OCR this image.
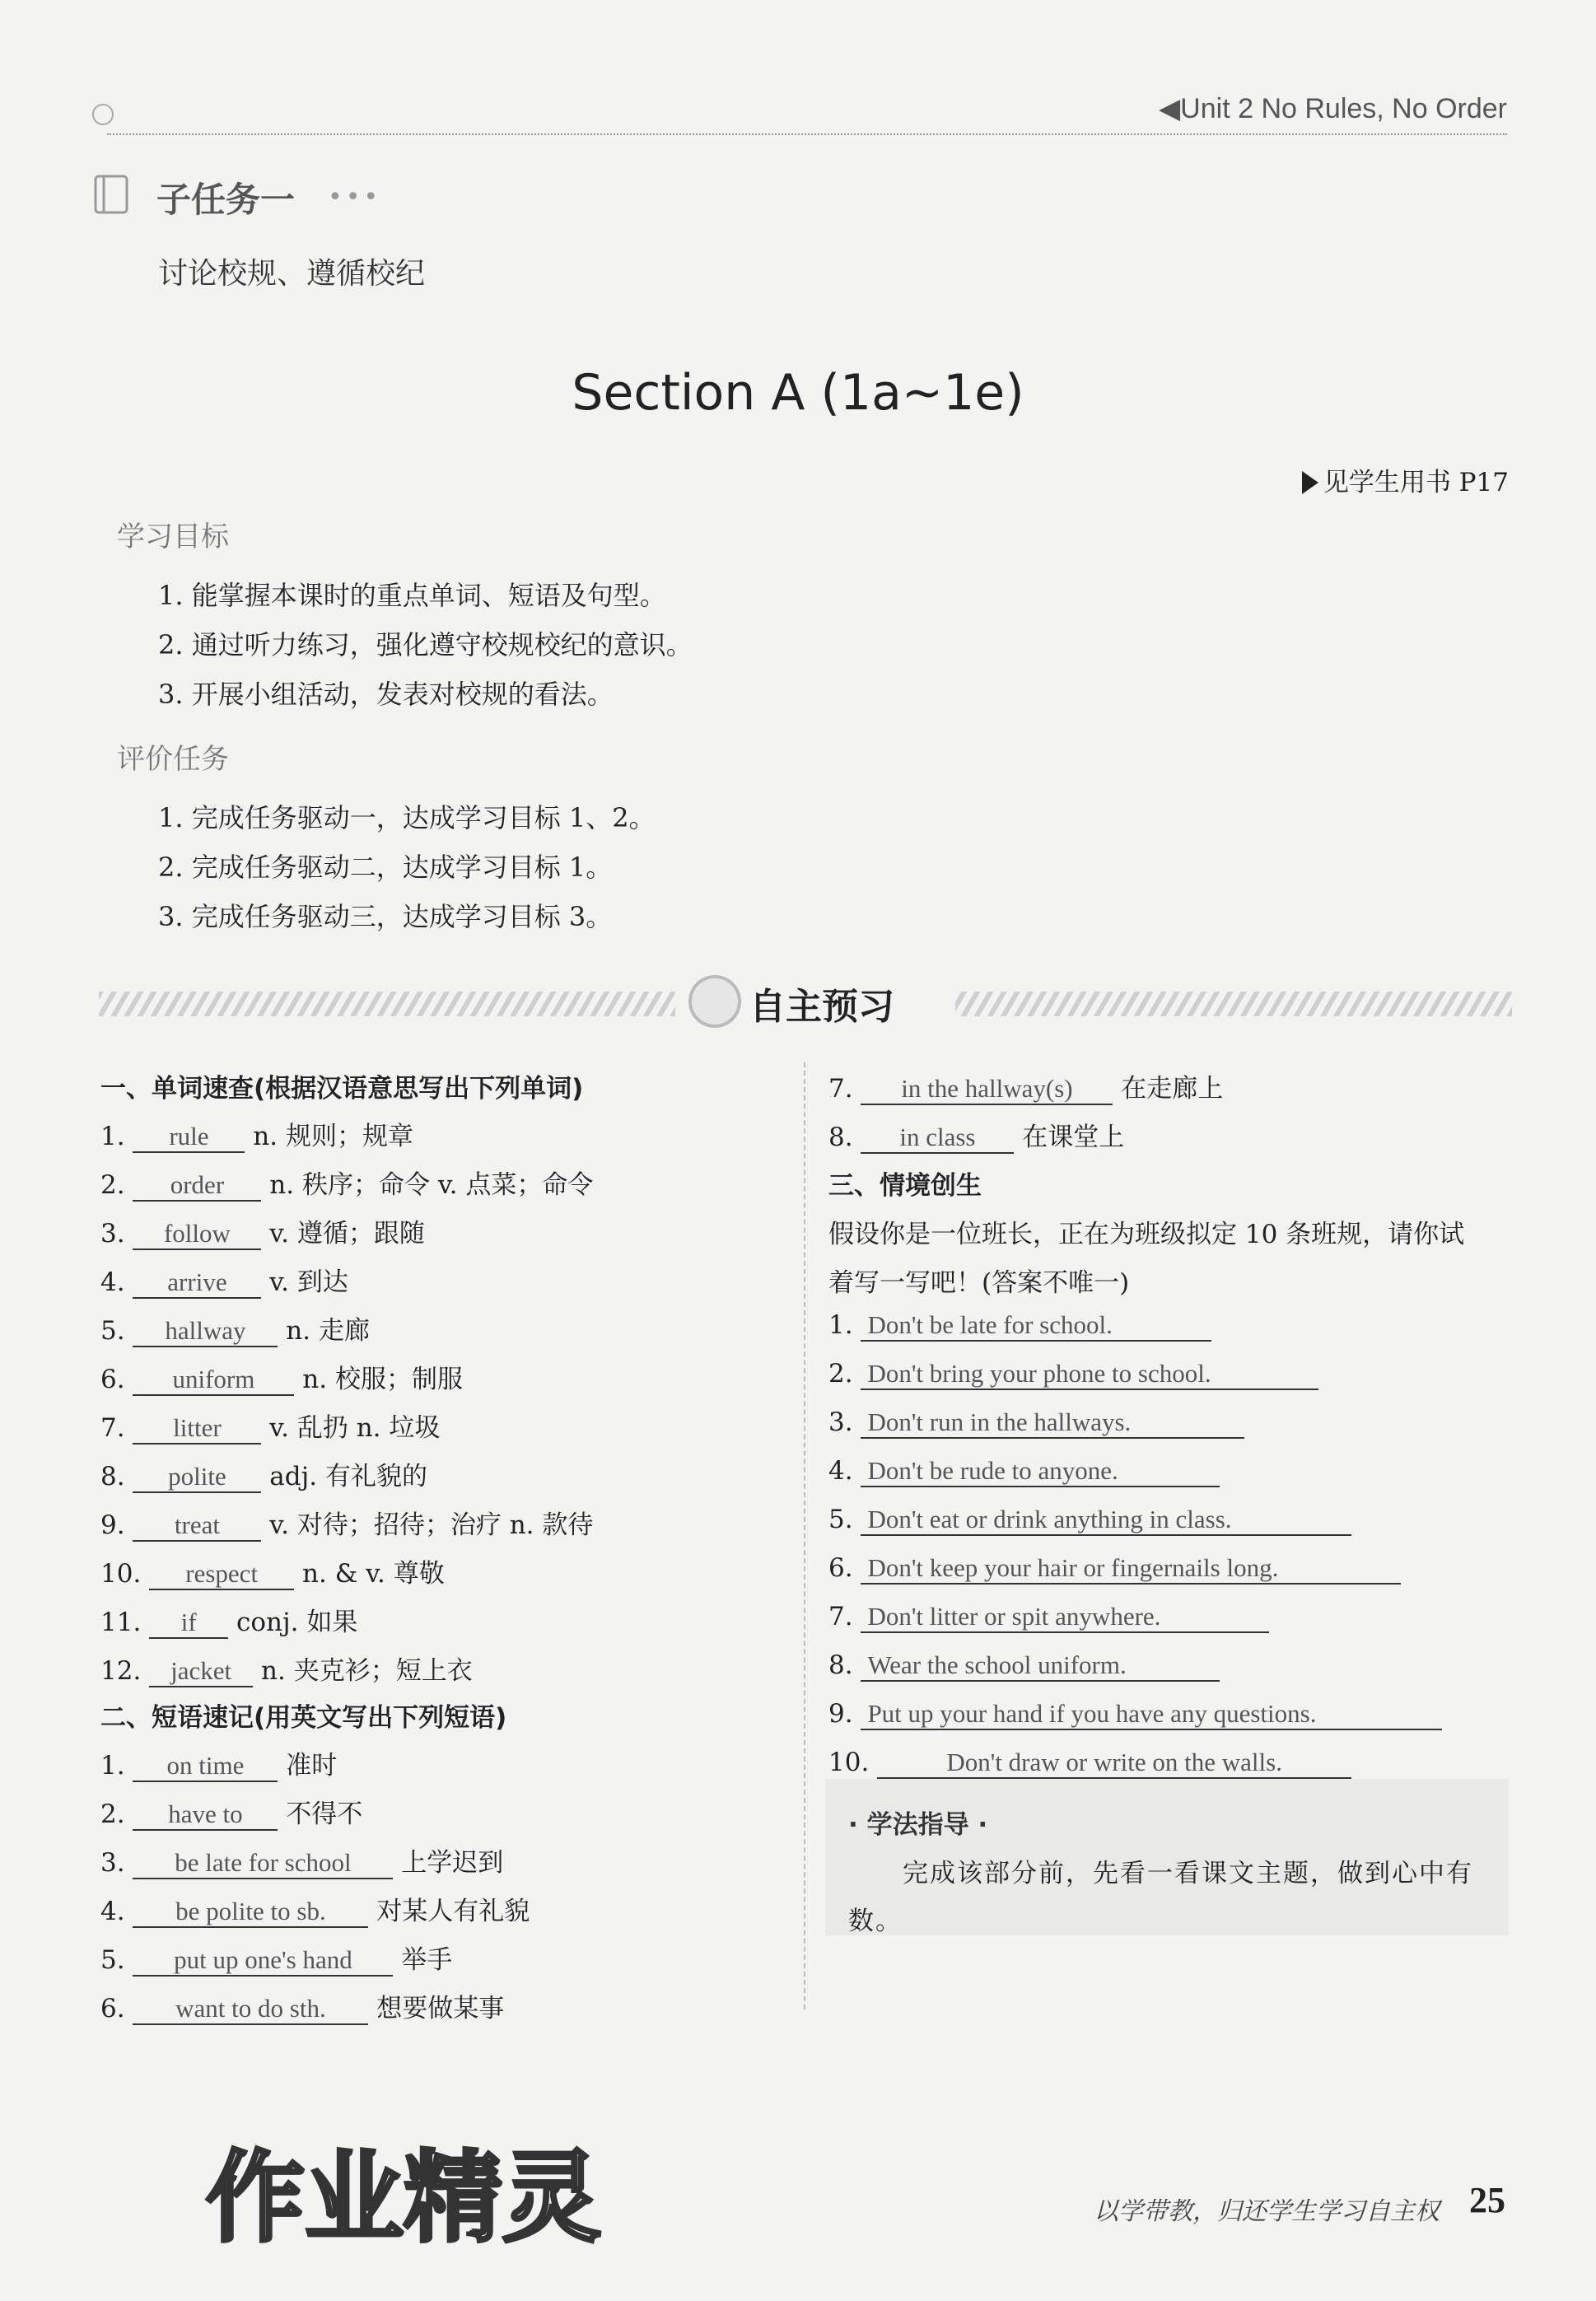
◀Unit 2 No Rules, No Order
子任务一 •••
讨论校规、遵循校纪
Section A (1a~1e)
见学生用书 P17
学习目标
1. 能掌握本课时的重点单词、短语及句型。
2. 通过听力练习，强化遵守校规校纪的意识。
3. 开展小组活动，发表对校规的看法。
评价任务
1. 完成任务驱动一，达成学习目标 1、2。
2. 完成任务驱动二，达成学习目标 1。
3. 完成任务驱动三，达成学习目标 3。
自主预习
一、单词速查(根据汉语意思写出下列单词)
1. rule n. 规则；规章
2. order n. 秩序；命令 v. 点菜；命令
3. follow v. 遵循；跟随
4. arrive v. 到达
5. hallway n. 走廊
6. uniform n. 校服；制服
7. litter v. 乱扔 n. 垃圾
8. polite adj. 有礼貌的
9. treat v. 对待；招待；治疗 n. 款待
10. respect n. & v. 尊敬
11. if conj. 如果
12. jacket n. 夹克衫；短上衣
二、短语速记(用英文写出下列短语)
1. on time 准时
2. have to 不得不
3. be late for school 上学迟到
4. be polite to sb. 对某人有礼貌
5. put up one's hand 举手
6. want to do sth. 想要做某事
7. in the hallway(s) 在走廊上
8. in class 在课堂上
三、情境创生
假设你是一位班长，正在为班级拟定 10 条班规，请你试
着写一写吧！(答案不唯一)
1. Don't be late for school.
2. Don't bring your phone to school.
3. Don't run in the hallways.
4. Don't be rude to anyone.
5. Don't eat or drink anything in class.
6. Don't keep your hair or fingernails long.
7. Don't litter or spit anywhere.
8. Wear the school uniform.
9. Put up your hand if you have any questions.
10.	Don't draw or write on the walls.
· 学法指导 ·
完成该部分前，先看一看课文主题，做到心中有数。
作业精灵	以学带教，归还学生学习自主权 25
